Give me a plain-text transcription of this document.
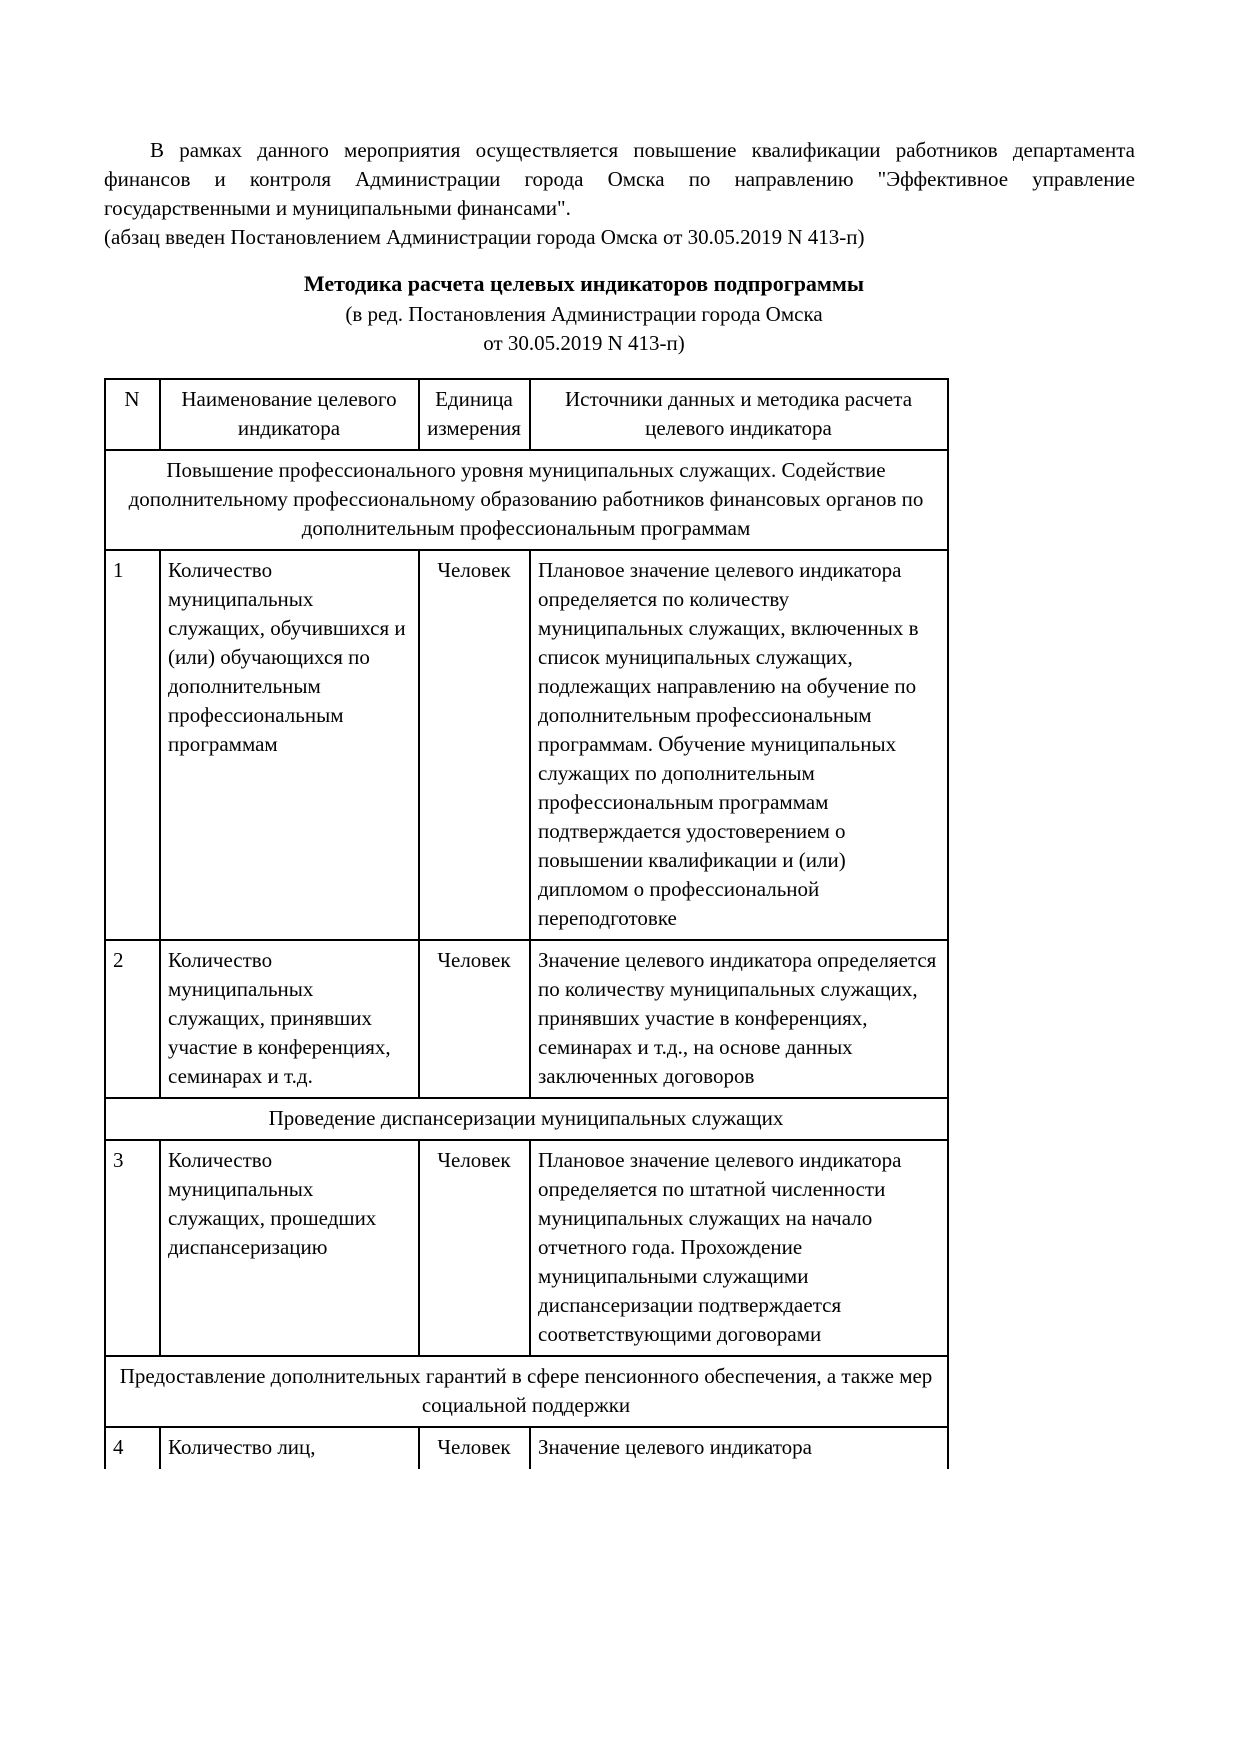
В рамках данного мероприятия осуществляется повышение квалификации работников департамента финансов и контроля Администрации города Омска по направлению "Эффективное управление государственными и муниципальными финансами".

(абзац введен Постановлением Администрации города Омска от 30.05.2019 N 413-п)

Методика расчета целевых индикаторов подпрограммы
(в ред. Постановления Администрации города Омска
от 30.05.2019 N 413-п)
N	Наименование целевого индикатора	Единица измерения	Источники данных и методика расчета целевого индикатора
Повышение профессионального уровня муниципальных служащих. Содействие дополнительному профессиональному образованию работников финансовых органов по дополнительным профессиональным программам			
1	Количество муниципальных служащих, обучившихся и (или) обучающихся по дополнительным профессиональным программам	Человек	Плановое значение целевого индикатора определяется по количеству муниципальных служащих, включенных в список муниципальных служащих, подлежащих направлению на обучение по дополнительным профессиональным программам. Обучение муниципальных служащих по дополнительным профессиональным программам подтверждается удостоверением о повышении квалификации и (или) дипломом о профессиональной переподготовке
2	Количество муниципальных служащих, принявших участие в конференциях, семинарах и т.д.	Человек	Значение целевого индикатора определяется по количеству муниципальных служащих, принявших участие в конференциях, семинарах и т.д., на основе данных заключенных договоров
Проведение диспансеризации муниципальных служащих			
3	Количество муниципальных служащих, прошедших диспансеризацию	Человек	Плановое значение целевого индикатора определяется по штатной численности муниципальных служащих на начало отчетного года. Прохождение муниципальными служащими диспансеризации подтверждается соответствующими договорами
Предоставление дополнительных гарантий в сфере пенсионного обеспечения, а также мер социальной поддержки			
4	Количество лиц,	Человек	Значение целевого индикатора
